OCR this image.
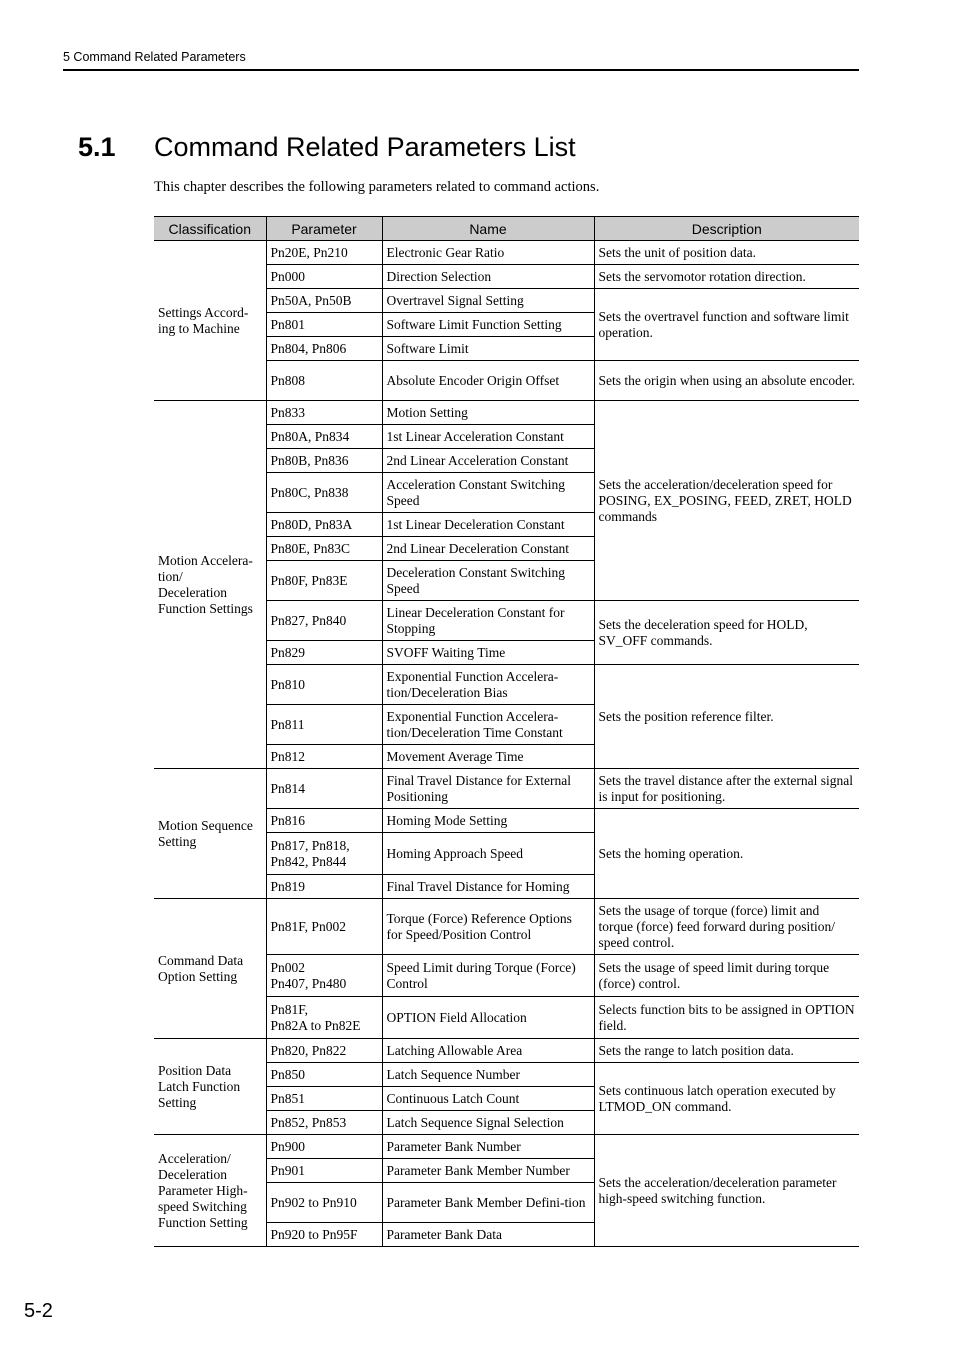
5 Command Related Parameters
5.1 Command Related Parameters List
This chapter describes the following parameters related to command actions.
Classification	Parameter	Name	Description
Settings Accord-
ing to Machine	Pn20E, Pn210	Electronic Gear Ratio	Sets the unit of position data.
	Pn000	Direction Selection	Sets the servomotor rotation direction.
	Pn50A, Pn50B	Overtravel Signal Setting	Sets the overtravel function and software limit operation.
	Pn801	Software Limit Function Setting	
	Pn804, Pn806	Software Limit	
	Pn808	Absolute Encoder Origin Offset	Sets the origin when using an absolute encoder.
Motion Accelera-
tion/
Deceleration
Function Settings	Pn833	Motion Setting	Sets the acceleration/deceleration speed for POSING, EX_POSING, FEED, ZRET, HOLD commands
	Pn80A, Pn834	1st Linear Acceleration Constant	
	Pn80B, Pn836	2nd Linear Acceleration Constant	
	Pn80C, Pn838	Acceleration Constant Switching Speed	
	Pn80D, Pn83A	1st Linear Deceleration Constant	
	Pn80E, Pn83C	2nd Linear Deceleration Constant	
	Pn80F, Pn83E	Deceleration Constant Switching Speed	
	Pn827, Pn840	Linear Deceleration Constant for Stopping	Sets the deceleration speed for HOLD, SV_OFF commands.
	Pn829	SVOFF Waiting Time	
	Pn810	Exponential Function Accelera-tion/Deceleration Bias	Sets the position reference filter.
	Pn811	Exponential Function Accelera-tion/Deceleration Time Constant	
	Pn812	Movement Average Time	
Motion Sequence
Setting	Pn814	Final Travel Distance for External Positioning	Sets the travel distance after the external signal is input for positioning.
	Pn816	Homing Mode Setting	Sets the homing operation.
	Pn817, Pn818,
Pn842, Pn844	Homing Approach Speed	
	Pn819	Final Travel Distance for Homing	
Command Data
Option Setting	Pn81F, Pn002	Torque (Force) Reference Options for Speed/Position Control	Sets the usage of torque (force) limit and torque (force) feed forward during position/ speed control.
	Pn002
Pn407, Pn480	Speed Limit during Torque (Force) Control	Sets the usage of speed limit during torque (force) control.
	Pn81F,
Pn82A to Pn82E	OPTION Field Allocation	Selects function bits to be assigned in OPTION field.
Position Data
Latch Function
Setting	Pn820, Pn822	Latching Allowable Area	Sets the range to latch position data.
	Pn850	Latch Sequence Number	Sets continuous latch operation executed by LTMOD_ON command.
	Pn851	Continuous Latch Count	
	Pn852, Pn853	Latch Sequence Signal Selection	
Acceleration/
Deceleration
Parameter High-
speed Switching
Function Setting	Pn900	Parameter Bank Number	Sets the acceleration/deceleration parameter high-speed switching function.
	Pn901	Parameter Bank Member Number	
	Pn902 to Pn910	Parameter Bank Member Defini-tion	
	Pn920 to Pn95F	Parameter Bank Data	
5-2
